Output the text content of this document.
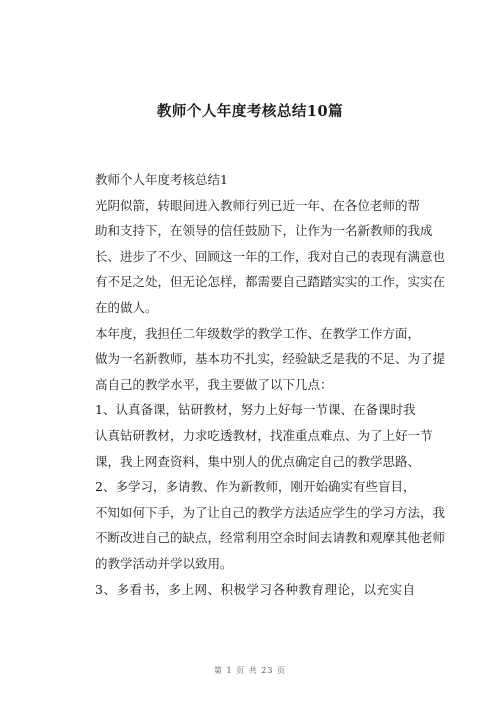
教师个人年度考核总结10篇
教师个人年度考核总结1
光阴似箭，转眼间进入教师行列已近一年、在各位老师的帮
助和支持下，在领导的信任鼓励下，让作为一名新教师的我成
长、进步了不少、回顾这一年的工作，我对自己的表现有满意也
有不足之处，但无论怎样，都需要自己踏踏实实的工作，实实在
在的做人。
本年度，我担任二年级数学的教学工作、在教学工作方面，
做为一名新教师，基本功不扎实，经验缺乏是我的不足、为了提
高自己的教学水平，我主要做了以下几点：
1、认真备课，钻研教材，努力上好每一节课、在备课时我
认真钻研教材，力求吃透教材，找准重点难点、为了上好一节
课，我上网查资料，集中别人的优点确定自己的教学思路、
2、多学习，多请教、作为新教师，刚开始确实有些盲目，
不知如何下手，为了让自己的教学方法适应学生的学习方法，我
不断改进自己的缺点，经常利用空余时间去请教和观摩其他老师
的教学活动并学以致用。
3、多看书，多上网、积极学习各种教育理论，以充实自
第 1 页 共 23 页
